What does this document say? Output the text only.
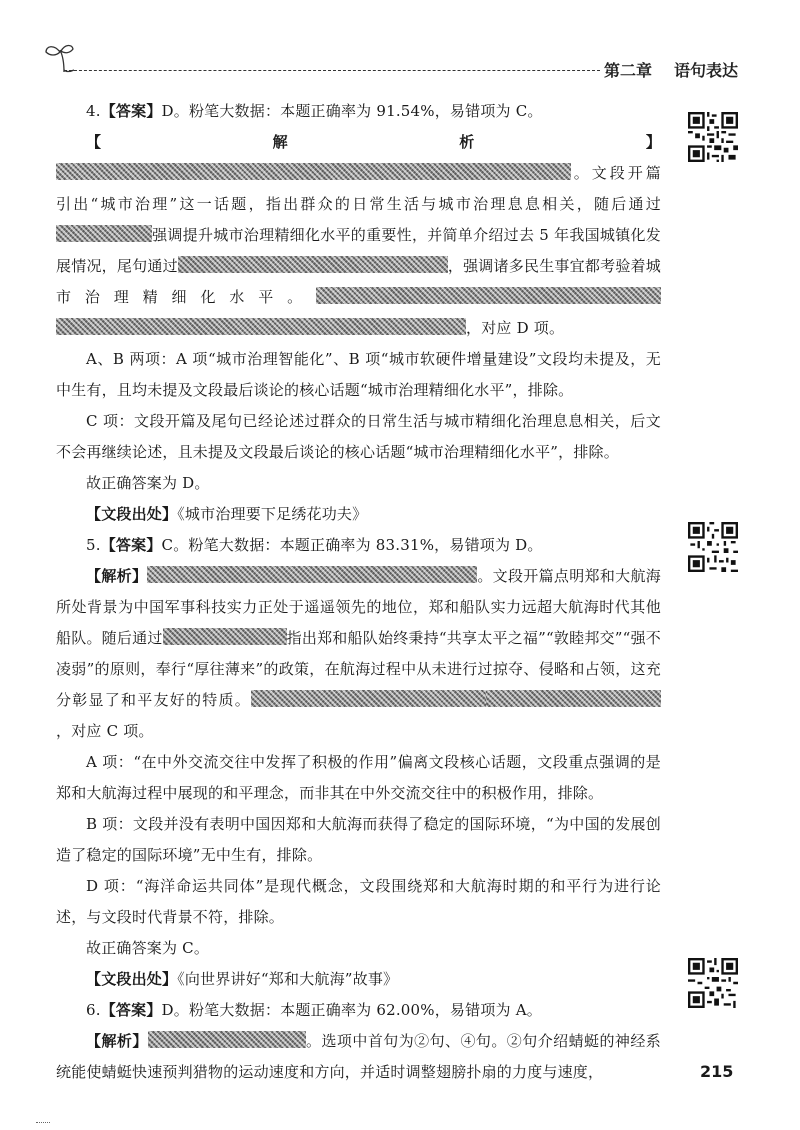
第二章 语句表达

4.【答案】D。粉笔大数据：本题正确率为 91.54%，易错项为 C。

【解析】。文段开篇引出“城市治理”这一话题，指出群众的日常生活与城市治理息息相关，随后通过强调提升城市治理精细化水平的重要性，并简单介绍过去 5 年我国城镇化发展情况，尾句通过	，强调诸多民生事宜都考验着城市治理精细化水平。，对应 D 项。

A、B 两项：A 项“城市治理智能化”、B 项“城市软硬件增量建设”文段均未提及，无中生有，且均未提及文段最后谈论的核心话题“城市治理精细化水平”，排除。

C 项：文段开篇及尾句已经论述过群众的日常生活与城市精细化治理息息相关，后文不会再继续论述，且未提及文段最后谈论的核心话题“城市治理精细化水平”，排除。

故正确答案为 D。

【文段出处】《城市治理要下足绣花功夫》

5.【答案】C。粉笔大数据：本题正确率为 83.31%，易错项为 D。

【解析】	。文段开篇点明郑和大航海所处背景为中国军事科技实力正处于遥遥领先的地位，郑和船队实力远超大航海时代其他船队。随后通过	指出郑和船队始终秉持“共享太平之福”“敦睦邦交”“强不凌弱”的原则，奉行“厚往薄来”的政策，在航海过程中从未进行过掠夺、侵略和占领，这充分彰显了和平友好的特质。，对应 C 项。

A 项：“在中外交流交往中发挥了积极的作用”偏离文段核心话题，文段重点强调的是郑和大航海过程中展现的和平理念，而非其在中外交流交往中的积极作用，排除。

B 项：文段并没有表明中国因郑和大航海而获得了稳定的国际环境，“为中国的发展创造了稳定的国际环境”无中生有，排除。

D 项：“海洋命运共同体”是现代概念，文段围绕郑和大航海时期的和平行为进行论述，与文段时代背景不符，排除。

故正确答案为 C。

【文段出处】《向世界讲好“郑和大航海”故事》

6.【答案】D。粉笔大数据：本题正确率为 62.00%，易错项为 A。

【解析】	。选项中首句为②句、④句。②句介绍蜻蜓的神经系统能使蜻蜓快速预判猎物的运动速度和方向，并适时调整翅膀扑扇的力度与速度，	215
